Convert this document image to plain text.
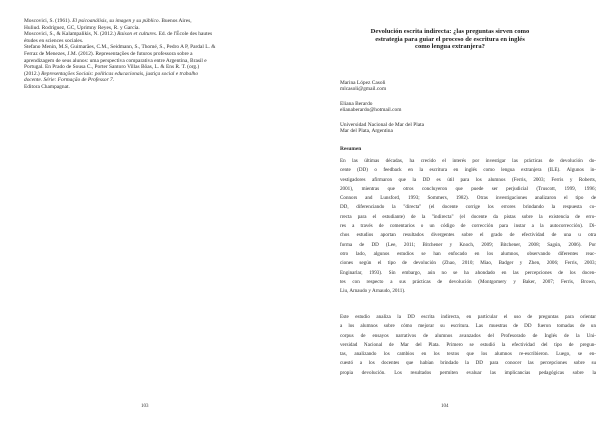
Moscovici, S. (1961). El psicoanálisis, su imagen y su público. Buenos Aires,
Huliud. Rodríguez, GC, Uprimny Reyes, R. y García.

Moscovici, S., & Kalampalikis, N. (2012.) Raison et cultures. Ed. de l'École des hautes
études en sciences sociales.

Stefano Menin, M.S, Guimarães, C.M., Seidmann, S., Thomé, S., Pedro A P, Pardal L. &
Ferraz de Menezes, J.M. (2012). Representações de futuros professora sobre a
aprendizagem de seus alunos: uma perspectiva comparativa entre Argentina, Brasil e
Portugal. En Prado de Sousa C., Porter Santoro Villas Bôas, L. & Ens R. T. (org.)
(2012.) Representações Sociais: políticas educacionais, justiça social e trabalho
docente. Série: Formação de Professor 7.
Editora Champagnat.

103
Devolución escrita indirecta: ¿las preguntas sirven como
estrategia para guiar el proceso de escritura en inglés
como lengua extranjera?
Marina López Casoli
mlcasoli@gmail.com
Eliana Berardo
elianaberardo@hotmail.com
Universidad Nacional de Mar del Plata
Mar del Plata, Argentina
Resumen
En las últimas décadas, ha crecido el interés por investigar las prácticas de devolución do-
cente (DD) o feedback en la escritura en inglés como lengua extranjera (ILE). Algunos in-
vestigadores afirmaron que la DD es útil para los alumnos (Ferris, 2003; Ferris y Roberts,
2001), mientras que otros concluyeron que puede ser perjudicial (Truscott, 1999, 1996;
Connors and Lunsford, 1993; Sommers, 1982). Otras investigaciones analizaron el tipo de
DD, diferenciando la "directa" (el docente corrige los errores brindando la respuesta co-
rrecta para el estudiante) de la "indirecta" (el docente da pistas sobre la existencia de erro-
res a través de comentarios o un código de corrección para instar a la autocorrección). Di-
chos estudios aportan resultados divergentes sobre el grado de efectividad de una u otra
forma de DD (Lee, 2011; Bitchener y Knoch, 2009; Bitchener, 2008; Sagún, 2006). Por
otro lado, algunos estudios se han enfocado en los alumnos, observando diferentes reac-
ciones según el tipo de devolución (Zhao, 2010; Miao, Badger y Zhen, 2006; Ferris, 2003;
Enginarlar, 1993). Sin embargo, aún no se ha ahondado en las percepciones de los docen-
tes con respecto a sus prácticas de devolución (Montgomery y Baker, 2007; Ferris, Brown,
Liu, Arnaudo y Arnaudo, 2011).
Este estudio analiza la DD escrita indirecta, en particular el uso de preguntas para orientar
a los alumnos sobre cómo mejorar su escritura. Las muestras de DD fueron tomadas de un
corpus de ensayos narrativos de alumnos avanzados del Profesorado de Inglés de la Uni-
versidad Nacional de Mar del Plata. Primero se estudió la efectividad del tipo de pregun-
tas, analizando los cambios en los textos que los alumnos re-escribieron. Luego, se en-
cuestó a los docentes que habían brindado la DD para conocer las percepciones sobre su
propia devolución. Los resultados permiten evaluar las implicancias pedagógicas sobre la
104
